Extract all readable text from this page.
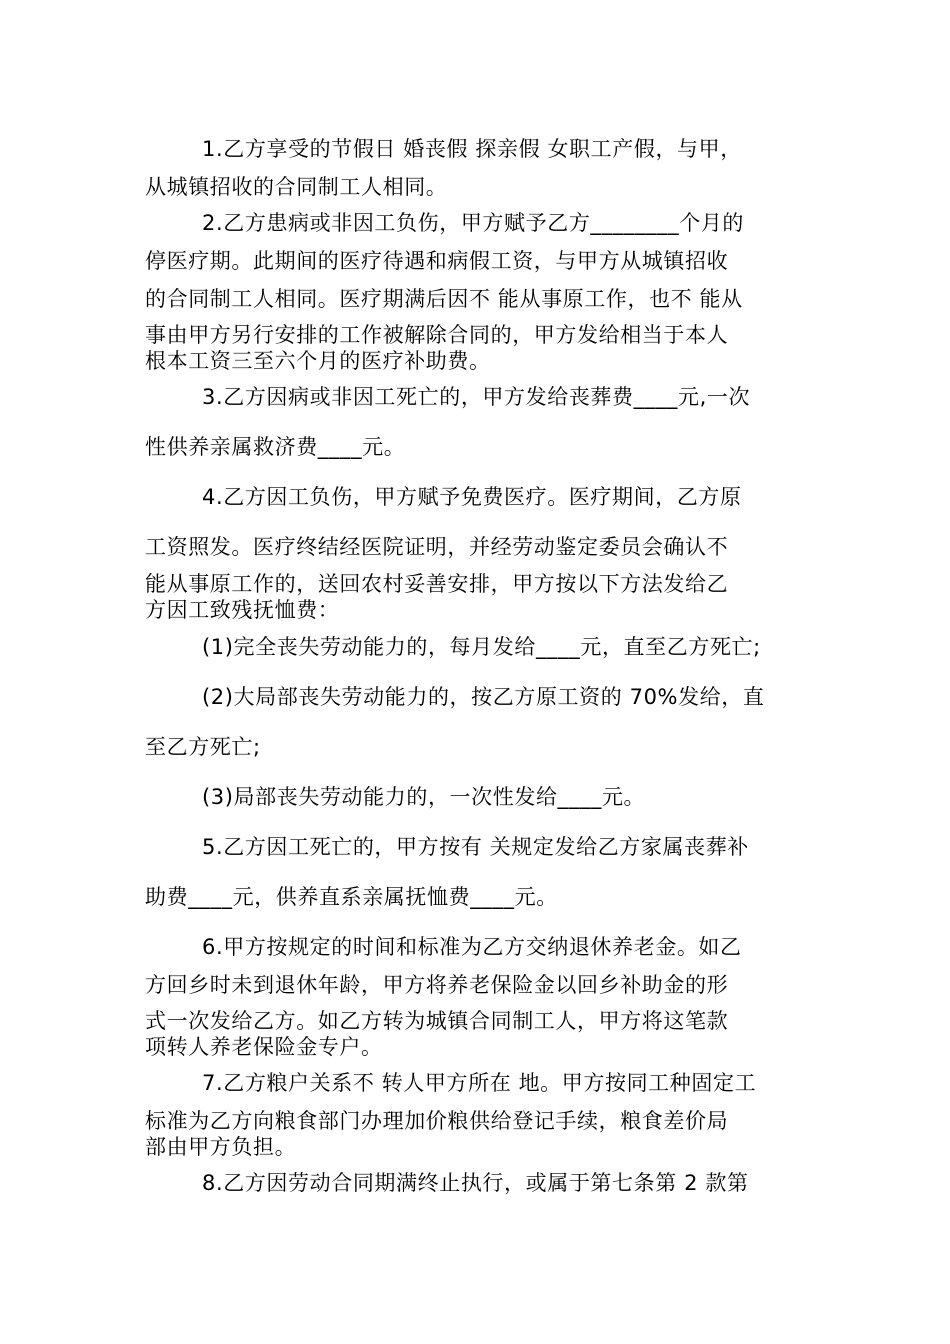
1.乙方享受的节假日 婚丧假 探亲假 女职工产假，与甲，
从城镇招收的合同制工人相同。
2.乙方患病或非因工负伤，甲方赋予乙方________个月的
停医疗期。此期间的医疗待遇和病假工资，与甲方从城镇招收
的合同制工人相同。医疗期满后因不 能从事原工作，也不 能从
事由甲方另行安排的工作被解除合同的，甲方发给相当于本人
根本工资三至六个月的医疗补助费。
3.乙方因病或非因工死亡的，甲方发给丧葬费____元,一次
性供养亲属救济费____元。
4.乙方因工负伤，甲方赋予免费医疗。医疗期间，乙方原
工资照发。医疗终结经医院证明，并经劳动鉴定委员会确认不
能从事原工作的，送回农村妥善安排，甲方按以下方法发给乙
方因工致残抚恤费：
(1)完全丧失劳动能力的，每月发给____元，直至乙方死亡;
(2)大局部丧失劳动能力的，按乙方原工资的 70%发给，直
至乙方死亡;
(3)局部丧失劳动能力的，一次性发给____元。
5.乙方因工死亡的，甲方按有 关规定发给乙方家属丧葬补
助费____元，供养直系亲属抚恤费____元。
6.甲方按规定的时间和标准为乙方交纳退休养老金。如乙
方回乡时未到退休年龄，甲方将养老保险金以回乡补助金的形
式一次发给乙方。如乙方转为城镇合同制工人，甲方将这笔款
项转人养老保险金专户。
7.乙方粮户关系不 转人甲方所在 地。甲方按同工种固定工
标准为乙方向粮食部门办理加价粮供给登记手续，粮食差价局
部由甲方负担。
8.乙方因劳动合同期满终止执行，或属于第七条第 2 款第
